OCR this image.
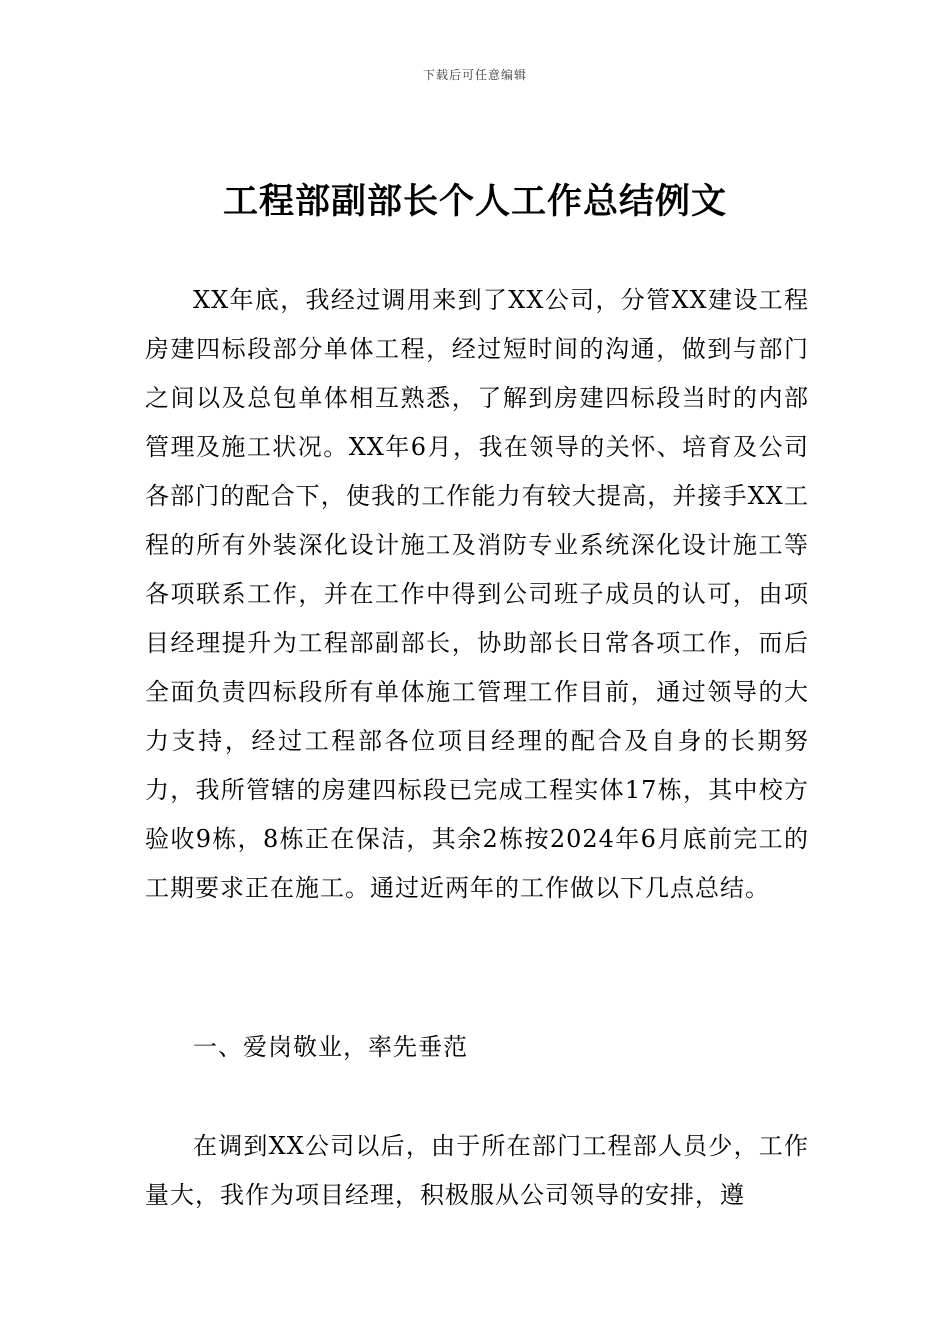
下载后可任意编辑
工程部副部长个人工作总结例文

XX年底，我经过调用来到了XX公司，分管XX建设工程房建四标段部分单体工程，经过短时间的沟通，做到与部门之间以及总包单体相互熟悉，了解到房建四标段当时的内部管理及施工状况。XX年6月，我在领导的关怀、培育及公司各部门的配合下，使我的工作能力有较大提高，并接手XX工程的所有外装深化设计施工及消防专业系统深化设计施工等各项联系工作，并在工作中得到公司班子成员的认可，由项目经理提升为工程部副部长，协助部长日常各项工作，而后全面负责四标段所有单体施工管理工作目前，通过领导的大力支持，经过工程部各位项目经理的配合及自身的长期努力，我所管辖的房建四标段已完成工程实体17栋，其中校方验收9栋，8栋正在保洁，其余2栋按2024年6月底前完工的工期要求正在施工。通过近两年的工作做以下几点总结。

一、爱岗敬业，率先垂范

在调到XX公司以后，由于所在部门工程部人员少，工作量大，我作为项目经理，积极服从公司领导的安排，遵
